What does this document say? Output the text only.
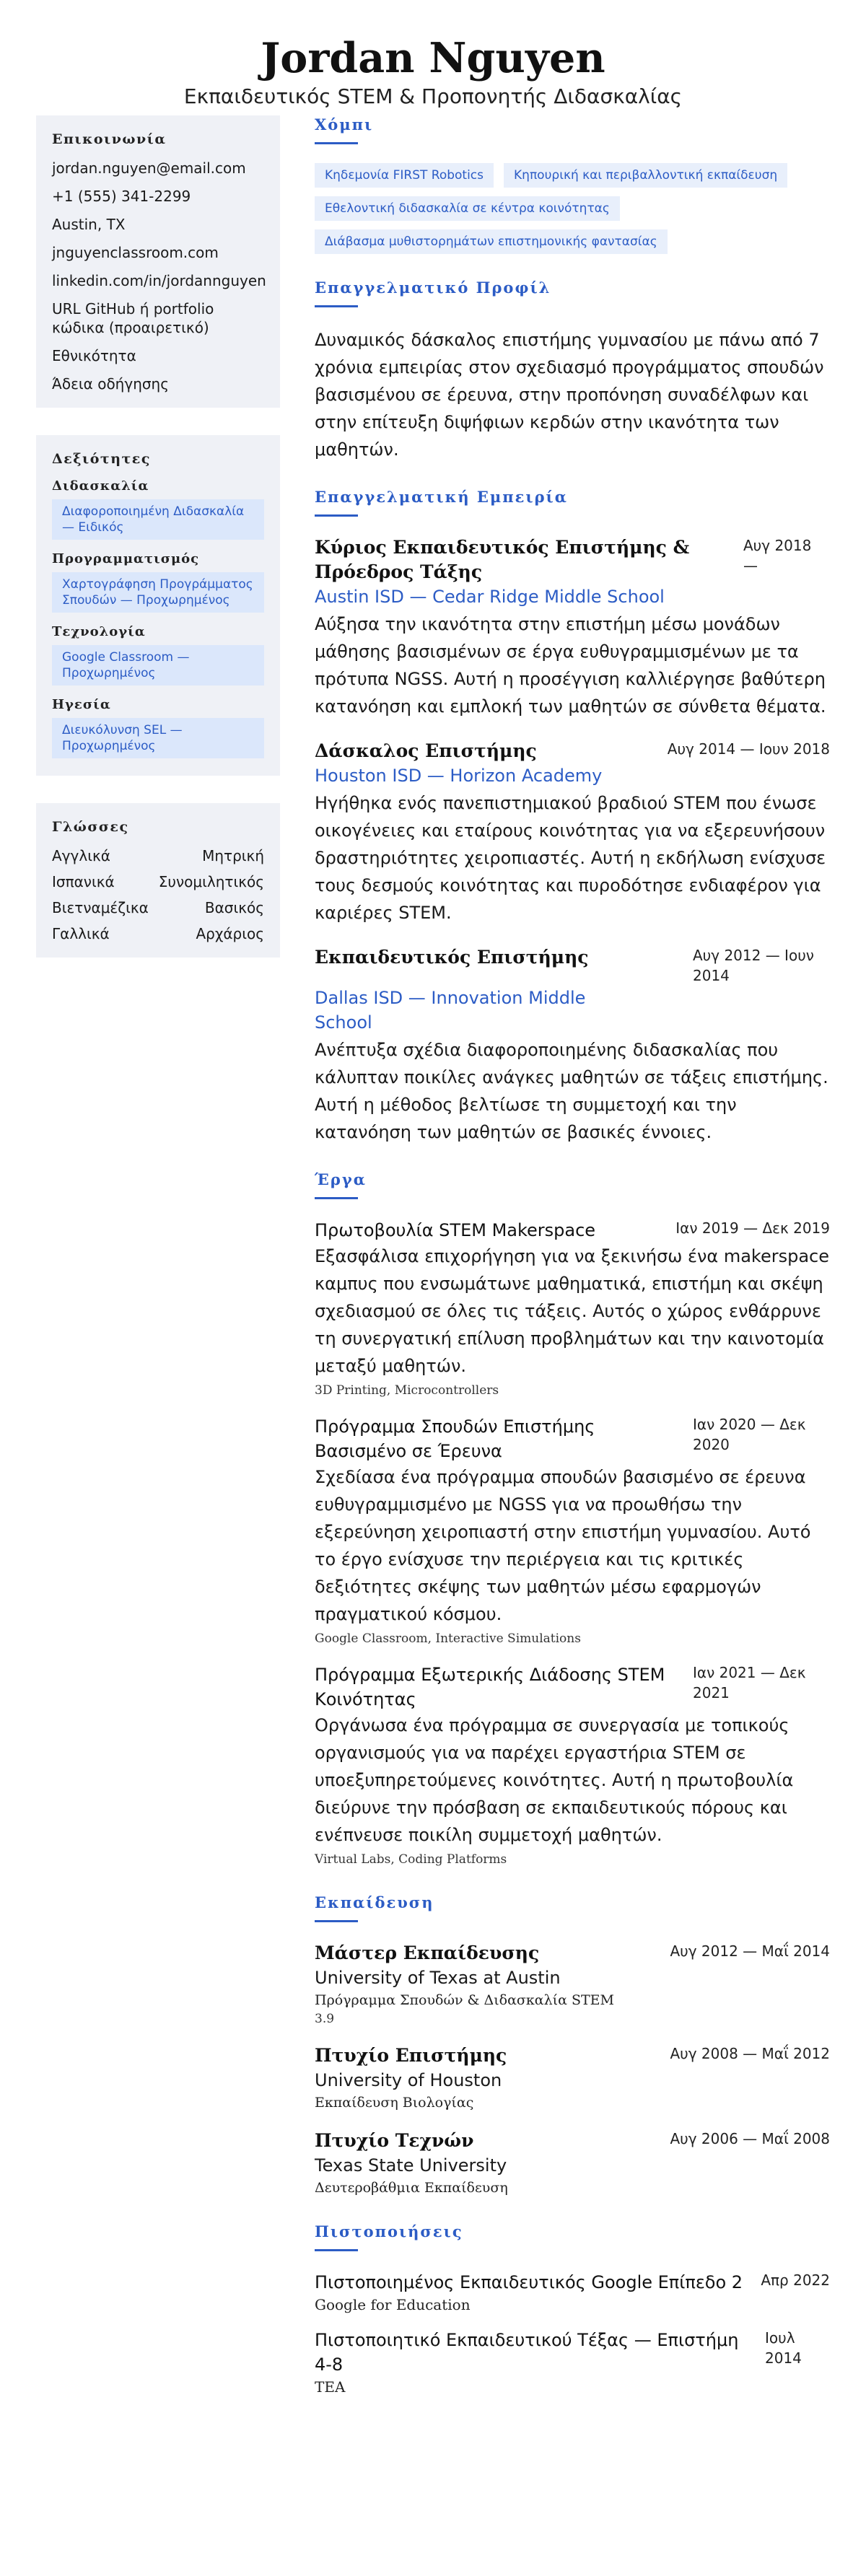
Jordan Nguyen
Εκπαιδευτικός STEM & Προπονητής Διδασκαλίας
Επικοινωνία
jordan.nguyen@email.com
+1 (555) 341-2299
Austin, TX
jnguyenclassroom.com
linkedin.com/in/jordannguyen
URL GitHub ή portfolio κώδικα (προαιρετικό)
Εθνικότητα
Άδεια οδήγησης
Δεξιότητες
Διδασκαλία
Διαφοροποιημένη Διδασκαλία — Ειδικός
Προγραμματισμός
Χαρτογράφηση Προγράμματος Σπουδών — Προχωρημένος
Τεχνολογία
Google Classroom — Προχωρημένος
Ηγεσία
Διευκόλυνση SEL — Προχωρημένος
Γλώσσες
Αγγλικά	Μητρική
Ισπανικά	Συνομιλητικός
Βιετναμέζικα	Βασικός
Γαλλικά	Αρχάριος
Χόμπι
Κηδεμονία FIRST Robotics	Κηπουρική και περιβαλλοντική εκπαίδευση
Εθελοντική διδασκαλία σε κέντρα κοινότητας
Διάβασμα μυθιστορημάτων επιστημονικής φαντασίας
Επαγγελματικό Προφίλ

Δυναμικός δάσκαλος επιστήμης γυμνασίου με πάνω από 7 χρόνια εμπειρίας στον σχεδιασμό προγράμματος σπουδών βασισμένου σε έρευνα, στην προπόνηση συναδέλφων και στην επίτευξη διψήφιων κερδών στην ικανότητα των μαθητών.

Επαγγελματική Εμπειρία
Κύριος Εκπαιδευτικός Επιστήμης & Πρόεδρος Τάξης
Αυγ 2018 —
Austin ISD — Cedar Ridge Middle School

Αύξησα την ικανότητα στην επιστήμη μέσω μονάδων μάθησης βασισμένων σε έργα ευθυγραμμισμένων με τα πρότυπα NGSS. Αυτή η προσέγγιση καλλιέργησε βαθύτερη κατανόηση και εμπλοκή των μαθητών σε σύνθετα θέματα.

Δάσκαλος Επιστήμης	Αυγ 2014 — Ιουν 2018
Houston ISD — Horizon Academy

Ηγήθηκα ενός πανεπιστημιακού βραδιού STEM που ένωσε οικογένειες και εταίρους κοινότητας για να εξερευνήσουν δραστηριότητες χειροπιαστές. Αυτή η εκδήλωση ενίσχυσε τους δεσμούς κοινότητας και πυροδότησε ενδιαφέρον για καριέρες STEM.

Εκπαιδευτικός Επιστήμης	Αυγ 2012 — Ιουν 2014
Dallas ISD — Innovation Middle School

Ανέπτυξα σχέδια διαφοροποιημένης διδασκαλίας που κάλυπταν ποικίλες ανάγκες μαθητών σε τάξεις επιστήμης. Αυτή η μέθοδος βελτίωσε τη συμμετοχή και την κατανόηση των μαθητών σε βασικές έννοιες.

Έργα
Πρωτοβουλία STEM Makerspace	Ιαν 2019 — Δεκ 2019

Εξασφάλισα επιχορήγηση για να ξεκινήσω ένα makerspace καμπυς που ενσωμάτωνε μαθηματικά, επιστήμη και σκέψη σχεδιασμού σε όλες τις τάξεις. Αυτός ο χώρος ενθάρρυνε τη συνεργατική επίλυση προβλημάτων και την καινοτομία μεταξύ μαθητών.

3D Printing, Microcontrollers
Πρόγραμμα Σπουδών Επιστήμης Βασισμένο σε Έρευνα
Ιαν 2020 — Δεκ 2020

Σχεδίασα ένα πρόγραμμα σπουδών βασισμένο σε έρευνα ευθυγραμμισμένο με NGSS για να προωθήσω την εξερεύνηση χειροπιαστή στην επιστήμη γυμνασίου. Αυτό το έργο ενίσχυσε την περιέργεια και τις κριτικές δεξιότητες σκέψης των μαθητών μέσω εφαρμογών πραγματικού κόσμου.

Google Classroom, Interactive Simulations
Πρόγραμμα Εξωτερικής Διάδοσης STEM Κοινότητας
Ιαν 2021 — Δεκ 2021

Οργάνωσα ένα πρόγραμμα σε συνεργασία με τοπικούς οργανισμούς για να παρέχει εργαστήρια STEM σε υποεξυπηρετούμενες κοινότητες. Αυτή η πρωτοβουλία διεύρυνε την πρόσβαση σε εκπαιδευτικούς πόρους και ενέπνευσε ποικίλη συμμετοχή μαθητών.

Virtual Labs, Coding Platforms
Εκπαίδευση
Μάστερ Εκπαίδευσης	Αυγ 2012 — Μαΐ 2014
University of Texas at Austin
Πρόγραμμα Σπουδών & Διδασκαλία STEM
3.9
Πτυχίο Επιστήμης	Αυγ 2008 — Μαΐ 2012
University of Houston
Εκπαίδευση Βιολογίας
Πτυχίο Τεχνών	Αυγ 2006 — Μαΐ 2008
Texas State University
Δευτεροβάθμια Εκπαίδευση
Πιστοποιήσεις
Πιστοποιημένος Εκπαιδευτικός Google Επίπεδο 2 Απρ 2022
Google for Education
Πιστοποιητικό Εκπαιδευτικού Τέξας — Επιστήμη 4-8
Ιουλ 2014
TEA
